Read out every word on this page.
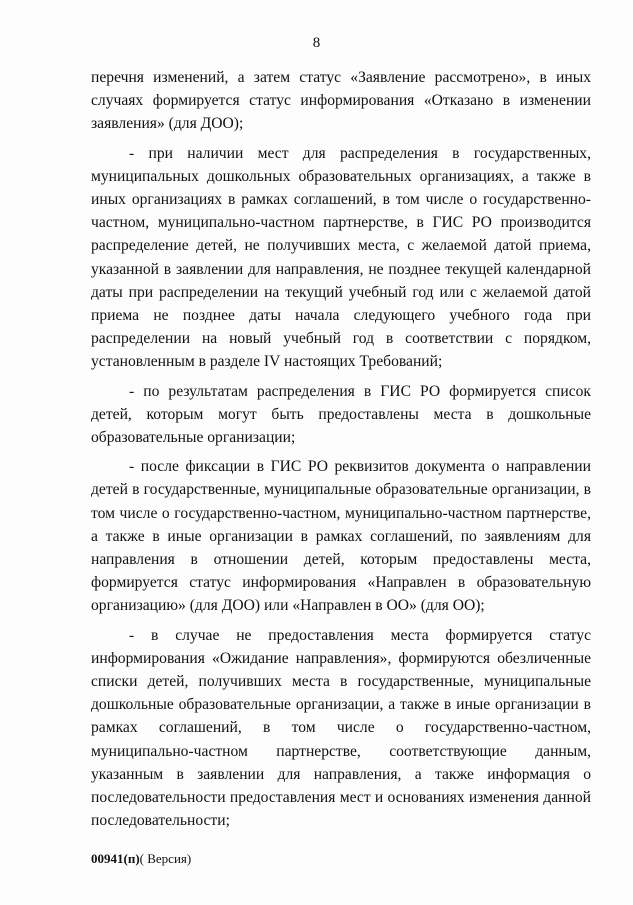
8

перечня изменений, а затем статус «Заявление рассмотрено», в иных случаях формируется статус информирования «Отказано в изменении заявления» (для ДОО);

- при наличии мест для распределения в государственных, муниципальных дошкольных образовательных организациях, а также в иных организациях в рамках соглашений, в том числе о государственно-частном, муниципально-частном партнерстве, в ГИС РО производится распределение детей, не получивших места, с желаемой датой приема, указанной в заявлении для направления, не позднее текущей календарной даты при распределении на текущий учебный год или с желаемой датой приема не позднее даты начала следующего учебного года при распределении на новый учебный год в соответствии с порядком, установленным в разделе IV настоящих Требований;

- по результатам распределения в ГИС РО формируется список детей, которым могут быть предоставлены места в дошкольные образовательные организации;

- после фиксации в ГИС РО реквизитов документа о направлении детей в государственные, муниципальные образовательные организации, в том числе о государственно-частном, муниципально-частном партнерстве, а также в иные организации в рамках соглашений, по заявлениям для направления в отношении детей, которым предоставлены места, формируется статус информирования «Направлен в образовательную организацию» (для ДОО) или «Направлен в ОО» (для ОО);

- в случае не предоставления места формируется статус информирования «Ожидание направления», формируются обезличенные списки детей, получивших места в государственные, муниципальные дошкольные образовательные организации, а также в иные организации в рамках соглашений, в том числе о государственно-частном, муниципально-частном партнерстве, соответствующие данным, указанным в заявлении для направления, а также информация о последовательности предоставления мест и основаниях изменения данной последовательности;

00941(п)( Версия)
